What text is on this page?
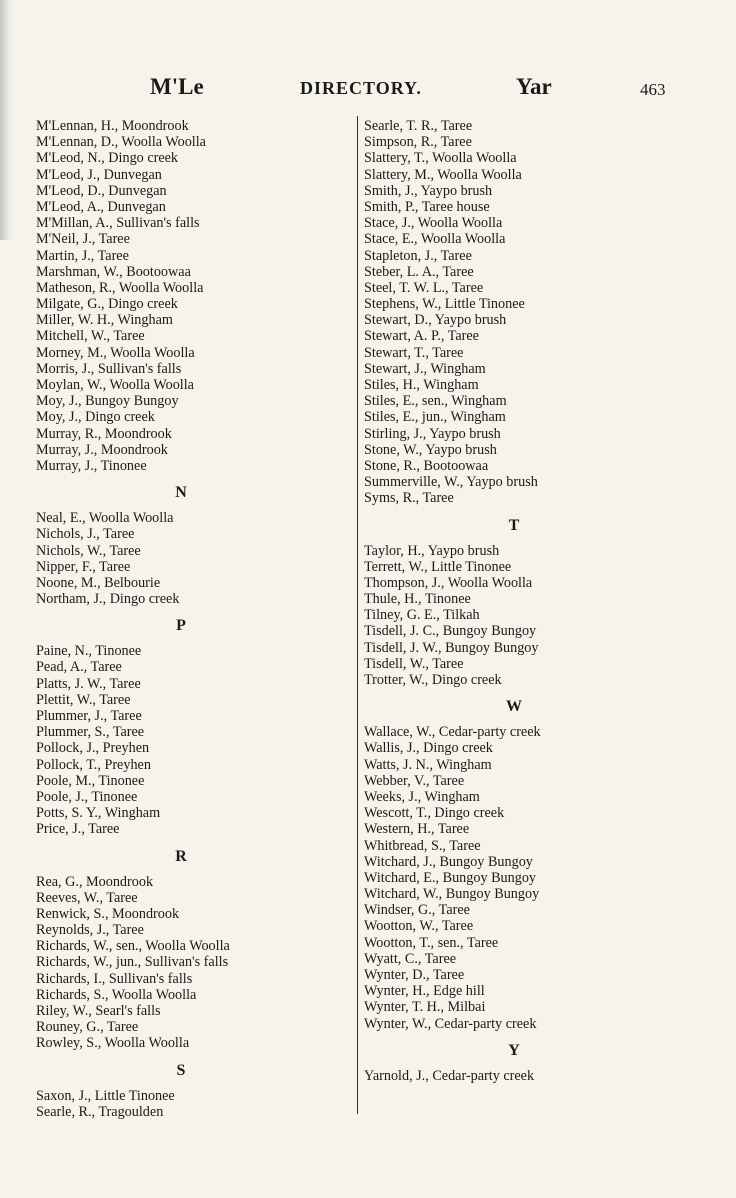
M'Le	DIRECTORY.	Yar	463
M'Lennan, H., Moondrook
M'Lennan, D., Woolla Woolla
M'Leod, N., Dingo creek
M'Leod, J., Dunvegan
M'Leod, D., Dunvegan
M'Leod, A., Dunvegan
M'Millan, A., Sullivan's falls
M'Neil, J., Taree
Martin, J., Taree
Marshman, W., Bootoowaa
Matheson, R., Woolla Woolla
Milgate, G., Dingo creek
Miller, W. H., Wingham
Mitchell, W., Taree
Morney, M., Woolla Woolla
Morris, J., Sullivan's falls
Moylan, W., Woolla Woolla
Moy, J., Bungoy Bungoy
Moy, J., Dingo creek
Murray, R., Moondrook
Murray, J., Moondrook
Murray, J., Tinonee
N
Neal, E., Woolla Woolla
Nichols, J., Taree
Nichols, W., Taree
Nipper, F., Taree
Noone, M., Belbourie
Northam, J., Dingo creek
P
Paine, N., Tinonee
Pead, A., Taree
Platts, J. W., Taree
Plettit, W., Taree
Plummer, J., Taree
Plummer, S., Taree
Pollock, J., Preyhen
Pollock, T., Preyhen
Poole, M., Tinonee
Poole, J., Tinonee
Potts, S. Y., Wingham
Price, J., Taree
R
Rea, G., Moondrook
Reeves, W., Taree
Renwick, S., Moondrook
Reynolds, J., Taree
Richards, W., sen., Woolla Woolla
Richards, W., jun., Sullivan's falls
Richards, I., Sullivan's falls
Richards, S., Woolla Woolla
Riley, W., Searl's falls
Rouney, G., Taree
Rowley, S., Woolla Woolla
S
Saxon, J., Little Tinonee
Searle, R., Tragoulden
Searle, T. R., Taree
Simpson, R., Taree
Slattery, T., Woolla Woolla
Slattery, M., Woolla Woolla
Smith, J., Yaypo brush
Smith, P., Taree house
Stace, J., Woolla Woolla
Stace, E., Woolla Woolla
Stapleton, J., Taree
Steber, L. A., Taree
Steel, T. W. L., Taree
Stephens, W., Little Tinonee
Stewart, D., Yaypo brush
Stewart, A. P., Taree
Stewart, T., Taree
Stewart, J., Wingham
Stiles, H., Wingham
Stiles, E., sen., Wingham
Stiles, E., jun., Wingham
Stirling, J., Yaypo brush
Stone, W., Yaypo brush
Stone, R., Bootoowaa
Summerville, W., Yaypo brush
Syms, R., Taree
T
Taylor, H., Yaypo brush
Terrett, W., Little Tinonee
Thompson, J., Woolla Woolla
Thule, H., Tinonee
Tilney, G. E., Tilkah
Tisdell, J. C., Bungoy Bungoy
Tisdell, J. W., Bungoy Bungoy
Tisdell, W., Taree
Trotter, W., Dingo creek
W
Wallace, W., Cedar-party creek
Wallis, J., Dingo creek
Watts, J. N., Wingham
Webber, V., Taree
Weeks, J., Wingham
Wescott, T., Dingo creek
Western, H., Taree
Whitbread, S., Taree
Witchard, J., Bungoy Bungoy
Witchard, E., Bungoy Bungoy
Witchard, W., Bungoy Bungoy
Windser, G., Taree
Wootton, W., Taree
Wootton, T., sen., Taree
Wyatt, C., Taree
Wynter, D., Taree
Wynter, H., Edge hill
Wynter, T. H., Milbai
Wynter, W., Cedar-party creek
Y
Yarnold, J., Cedar-party creek
